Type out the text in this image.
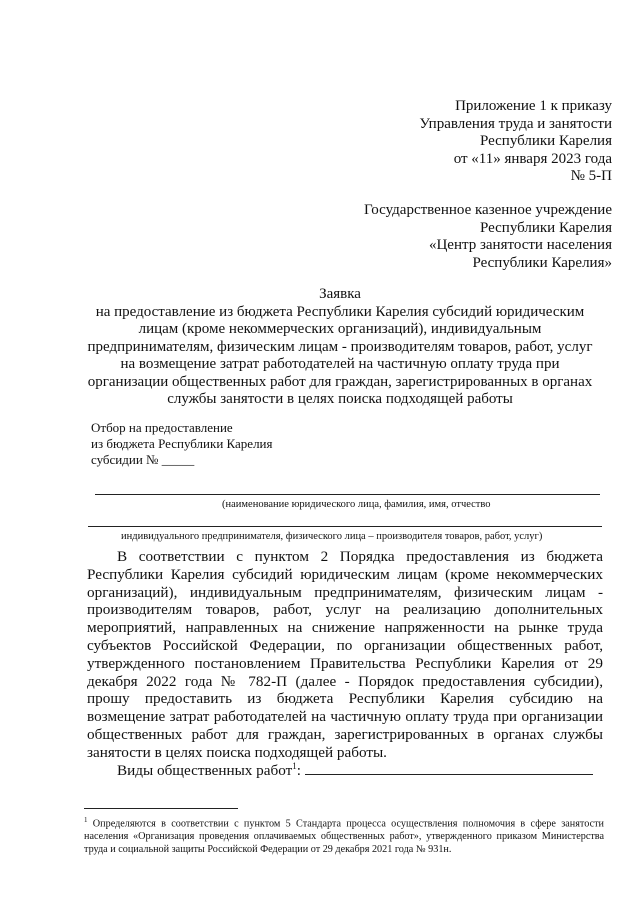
Приложение 1 к приказу
Управления труда и занятости
Республики Карелия
от «11» января 2023 года
№ 5-П
Государственное казенное учреждение
Республики Карелия
«Центр занятости населения
Республики Карелия»
Заявка
на предоставление из бюджета Республики Карелия субсидий юридическим
лицам (кроме некоммерческих организаций), индивидуальным
предпринимателям, физическим лицам - производителям товаров, работ, услуг
на возмещение затрат работодателей на частичную оплату труда при
организации общественных работ для граждан, зарегистрированных в органах
службы занятости в целях поиска подходящей работы
Отбор на предоставление
из бюджета Республики Карелия
субсидии № _____
(наименование юридического лица, фамилия, имя, отчество
индивидуального предпринимателя, физического лица – производителя товаров, работ, услуг)

В соответствии с пунктом 2 Порядка предоставления из бюджета Республики Карелия субсидий юридическим лицам (кроме некоммерческих организаций), индивидуальным предпринимателям, физическим лицам - производителям товаров, работ, услуг на реализацию дополнительных мероприятий, направленных на снижение напряженности на рынке труда субъектов Российской Федерации, по организации общественных работ, утвержденного постановлением Правительства Республики Карелия от 29 декабря 2022 года № 782-П (далее - Порядок предоставления субсидии), прошу предоставить из бюджета Республики Карелия субсидию на возмещение затрат работодателей на частичную оплату труда при организации общественных работ для граждан, зарегистрированных в органах службы занятости в целях поиска подходящей работы.

Виды общественных работ$^1$:
$^1$ Определяются в соответствии с пунктом 5 Стандарта процесса осуществления полномочия в сфере занятости населения «Организация проведения оплачиваемых общественных работ», утвержденного приказом Министерства труда и социальной защиты Российской Федерации от 29 декабря 2021 года № 931н.
